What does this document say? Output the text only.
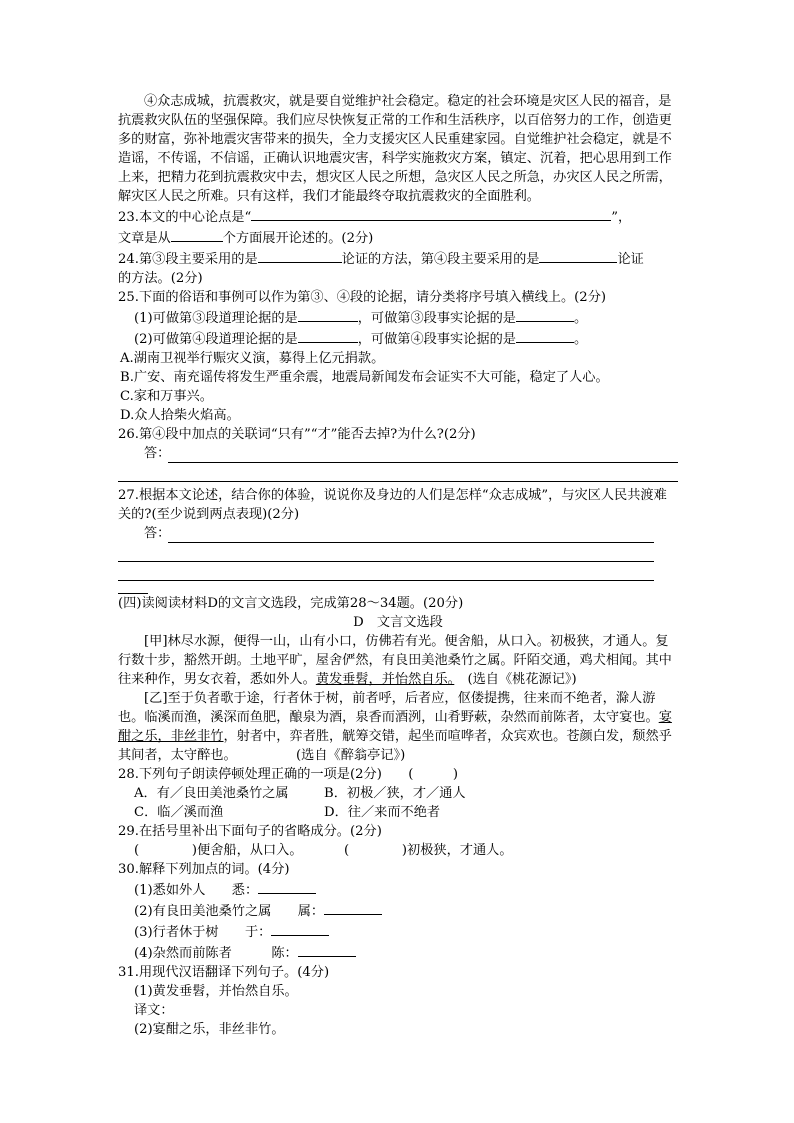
④众志成城，抗震救灾，就是要自觉维护社会稳定。稳定的社会环境是灾区人民的福音，是抗震救灾队伍的坚强保障。我们应尽快恢复正常的工作和生活秩序，以百倍努力的工作，创造更多的财富，弥补地震灾害带来的损失，全力支援灾区人民重建家园。自觉维护社会稳定，就是不造谣，不传谣，不信谣，正确认识地震灾害，科学实施救灾方案，镇定、沉着，把心思用到工作上来，把精力花到抗震救灾中去，想灾区人民之所想，急灾区人民之所急，办灾区人民之所需，解灾区人民之所难。只有这样，我们才能最终夺取抗震救灾的全面胜利。

23.本文的中心论点是“	”，

文章是从	个方面展开论述的。(2分)

24.第③段主要采用的是	论证的方法，第④段主要采用的是	论证

的方法。(2分)

25.下面的俗语和事例可以作为第③、④段的论据，请分类将序号填入横线上。(2分)

(1)可做第③段道理论据的是	，可做第③段事实论据的是	。

(2)可做第④段道理论据的是	，可做第④段事实论据的是	。

A.湖南卫视举行赈灾义演，募得上亿元捐款。

B.广安、南充谣传将发生严重余震，地震局新闻发布会证实不大可能，稳定了人心。

C.家和万事兴。

D.众人拾柴火焰高。

26.第④段中加点的关联词“只有”“才”能否去掉?为什么?(2分)

答：

27.根据本文论述，结合你的体验，说说你及身边的人们是怎样“众志成城”，与灾区人民共渡难关的?(至少说到两点表现)(2分)

答：

(四)读阅读材料D的文言文选段，完成第28～34题。(20分)

D　文言文选段

[甲]林尽水源，便得一山，山有小口，仿佛若有光。便舍船，从口入。初极狭，才通人。复行数十步，豁然开朗。土地平旷，屋舍俨然，有良田美池桑竹之属。阡陌交通，鸡犬相闻。其中往来种作，男女衣着，悉如外人。黄发垂髫，并怡然自乐。　 (选自《桃花源记》)

[乙]至于负者歌于途，行者休于树，前者呼，后者应，伛偻提携，往来而不绝者，滁人游也。临溪而渔，溪深而鱼肥，酿泉为酒，泉香而酒洌，山肴野蔌，杂然而前陈者，太守宴也。宴酣之乐，非丝非竹，射者中，弈者胜，觥筹交错，起坐而喧哗者，众宾欢也。苍颜白发，颓然乎其间者，太守醉也。　　　　　	(选自《醉翁亭记》)

28.下列句子朗读停顿处理正确的一项是(2分)　　(　　　)

A．有／良田美池桑竹之属	B．初极／狭，才／通人
C．临／溪而渔	D．往／来而不绝者

29.在括号里补出下面句子的省略成分。(2分)

(　　　　)便舍船，从口入。	(　　　　)初极狭，才通人。

30.解释下列加点的词。(4分)

(1)悉如外人　　悉：

(2)有良田美池桑竹之属　　属：

(3)行者休于树　　于：

(4)杂然而前陈者　　　陈：

31.用现代汉语翻译下列句子。(4分)

(1)黄发垂髫，并怡然自乐。

译文：

(2)宴酣之乐，非丝非竹。
